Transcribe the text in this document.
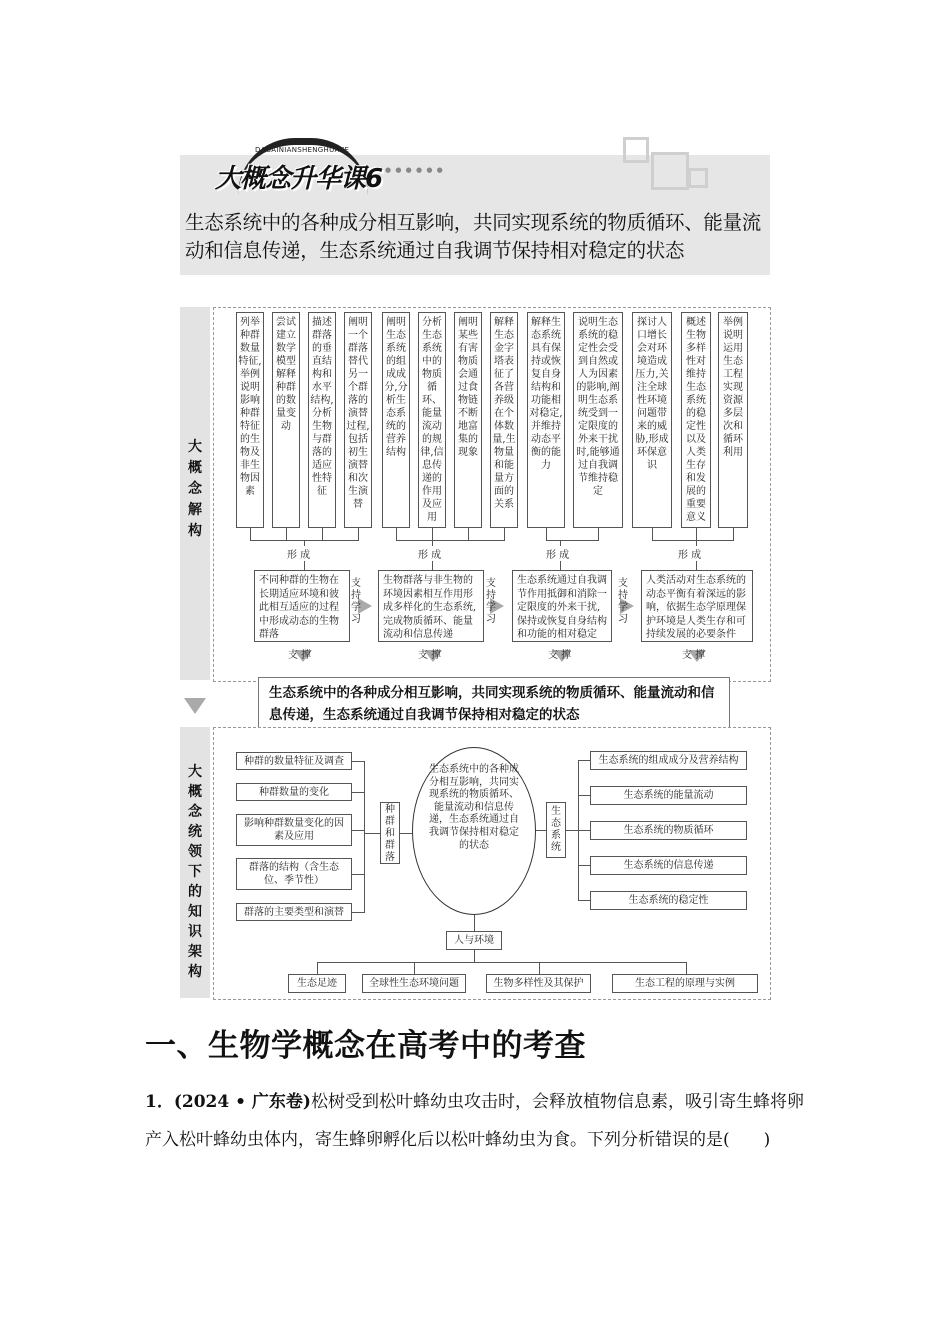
DAGAINIANSHENGHUAKE
大概念升华课6 ● ● ● ● ● ●
生态系统中的各种成分相互影响，共同实现系统的物质循环、能量流动和信息传递，生态系统通过自我调节保持相对稳定的状态
大
概
念
解
构
列举种群数量特征,举例说明影响种群特征的生物及非生物因素
尝试建立数学模型解释种群的数量变动
描述群落的垂直结构和水平结构,分析生物与群落的适应性特征
阐明一个群落替代另一个群落的演替过程,包括初生演替和次生演替
阐明生态系统的组成成分,分析生态系统的营养结构
分析生态系统中的物质循环、能量流动的规律,信息传递的作用及应用
阐明某些有害物质会通过食物链不断地富集的现象
解释生态金字塔表征了各营养级在个体数量,生物量和能量方面的关系
解释生态系统具有保持或恢复自身结构和功能相对稳定,并维持动态平衡的能力
说明生态系统的稳定性会受到自然或人为因素的影响,阐明生态系统受到一定限度的外来干扰时,能够通过自我调节维持稳定
探讨人口增长会对环境造成压力,关注全球性环境问题带来的威胁,形成环保意识
概述生物多样性对维持生态系统的稳定性以及人类生存和发展的重要意义
举例说明运用生态工程实现资源多层次和循环利用
形 成	形 成	形 成	形 成
不同种群的生物在长期适应环境和彼此相互适应的过程中形成动态的生物群落
生物群落与非生物的环境因素相互作用形成多样化的生态系统,完成物质循环、能量流动和信息传递
生态系统通过自我调节作用抵御和消除一定限度的外来干扰,保持或恢复自身结构和功能的相对稳定
人类活动对生态系统的动态平衡有着深远的影响，依据生态学原理保护环境是人类生存和可持续发展的必要条件
支持学习
支持学习
支持学习
支 撑	支 撑	支 撑	支 撑
生态系统中的各种成分相互影响，共同实现系统的物质循环、能量流动和信息传递，生态系统通过自我调节保持相对稳定的状态
大
概
念
统
领
下
的
知
识
架
构
种群的数量特征及调查
种群数量的变化
影响种群数量变化的因素及应用
群落的结构（含生态位、季节性）
群落的主要类型和演替
种群和群落
生态系统中的各种成分相互影响，共同实现系统的物质循环、能量流动和信息传递，生态系统通过自我调节保持相对稳定的状态
生态系统
生态系统的组成成分及营养结构
生态系统的能量流动
生态系统的物质循环
生态系统的信息传递
生态系统的稳定性
人与环境
生态足迹	全球性生态环境问题	生物多样性及其保护	生态工程的原理与实例
一、生物学概念在高考中的考查
1．(2024 • 广东卷)松树受到松叶蜂幼虫攻击时，会释放植物信息素，吸引寄生蜂将卵产入松叶蜂幼虫体内，寄生蜂卵孵化后以松叶蜂幼虫为食。下列分析错误的是(　　)
